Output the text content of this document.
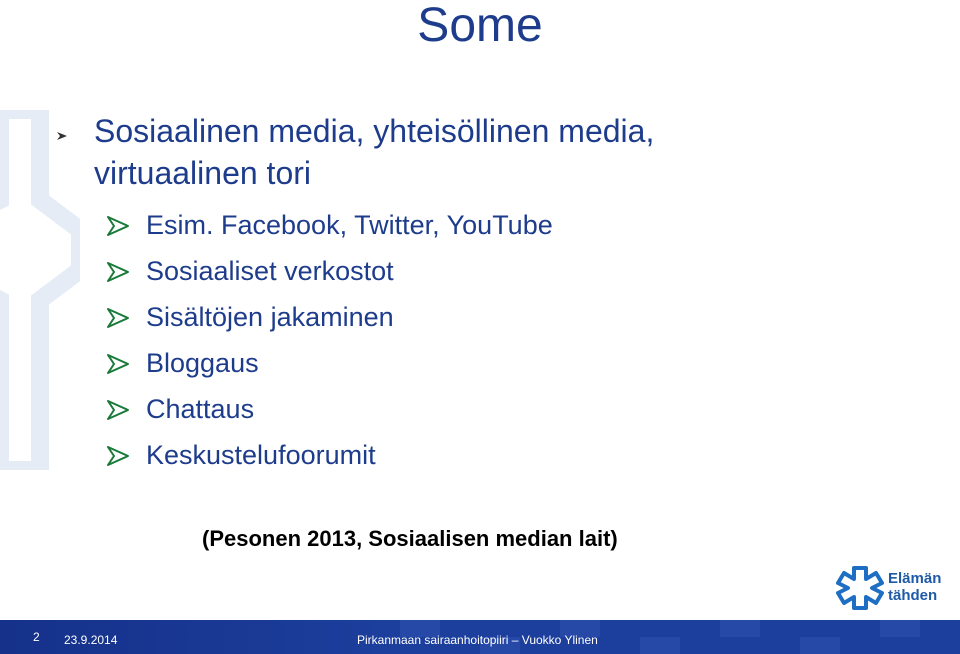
Some
Sosiaalinen media, yhteisöllinen media, virtuaalinen tori
Esim. Facebook, Twitter, YouTube
Sosiaaliset verkostot
Sisältöjen jakaminen
Bloggaus
Chattaus
Keskustelufoorumit
(Pesonen 2013, Sosiaalisen median lait)
Elämän
tähden
2 23.9.2014	Pirkanmaan sairaanhoitopiiri – Vuokko Ylinen
